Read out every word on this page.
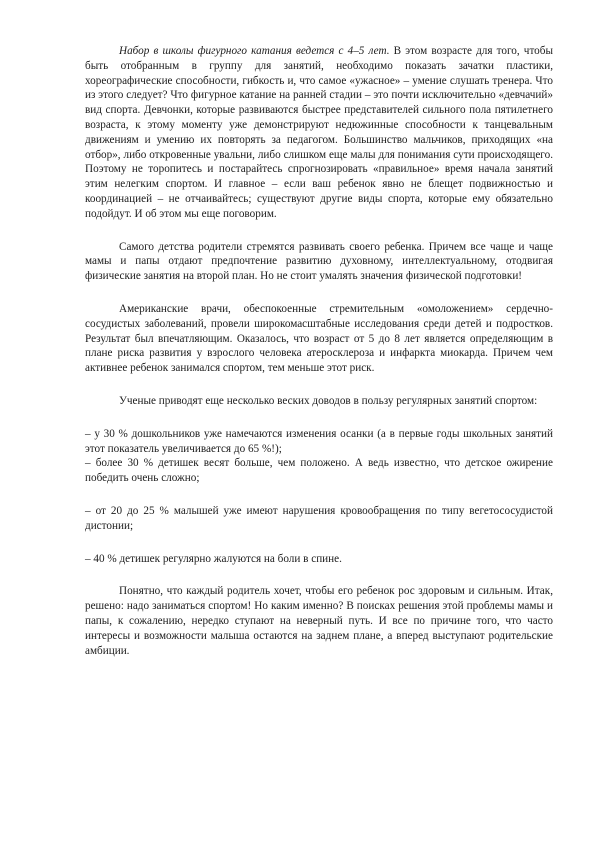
Набор в школы фигурного катания ведется с 4–5 лет. В этом возрасте для того, чтобы быть отобранным в группу для занятий, необходимо показать зачатки пластики, хореографические способности, гибкость и, что самое «ужасное» – умение слушать тренера. Что из этого следует? Что фигурное катание на ранней стадии – это почти исключительно «девчачий» вид спорта. Девчонки, которые развиваются быстрее представителей сильного пола пятилетнего возраста, к этому моменту уже демонстрируют недюжинные способности к танцевальным движениям и умению их повторять за педагогом. Большинство мальчиков, приходящих «на отбор», либо откровенные увальни, либо слишком еще малы для понимания сути происходящего. Поэтому не торопитесь и постарайтесь спрогнозировать «правильное» время начала занятий этим нелегким спортом. И главное – если ваш ребенок явно не блещет подвижностью и координацией – не отчаивайтесь; существуют другие виды спорта, которые ему обязательно подойдут. И об этом мы еще поговорим.

Самого детства родители стремятся развивать своего ребенка. Причем все чаще и чаще мамы и папы отдают предпочтение развитию духовному, интеллектуальному, отодвигая физические занятия на второй план. Но не стоит умалять значения физической подготовки!

Американские врачи, обеспокоенные стремительным «омоложением» сердечно-сосудистых заболеваний, провели широкомасштабные исследования среди детей и подростков. Результат был впечатляющим. Оказалось, что возраст от 5 до 8 лет является определяющим в плане риска развития у взрослого человека атеросклероза и инфаркта миокарда. Причем чем активнее ребенок занимался спортом, тем меньше этот риск.

Ученые приводят еще несколько веских доводов в пользу регулярных занятий спортом:

– у 30 % дошкольников уже намечаются изменения осанки (а в первые годы школьных занятий этот показатель увеличивается до 65 %!);

– более 30 % детишек весят больше, чем положено. А ведь известно, что детское ожирение победить очень сложно;

– от 20 до 25 % малышей уже имеют нарушения кровообращения по типу вегетососудистой дистонии;

– 40 % детишек регулярно жалуются на боли в спине.

Понятно, что каждый родитель хочет, чтобы его ребенок рос здоровым и сильным. Итак, решено: надо заниматься спортом! Но каким именно? В поисках решения этой проблемы мамы и папы, к сожалению, нередко ступают на неверный путь. И все по причине того, что часто интересы и возможности малыша остаются на заднем плане, а вперед выступают родительские амбиции.
